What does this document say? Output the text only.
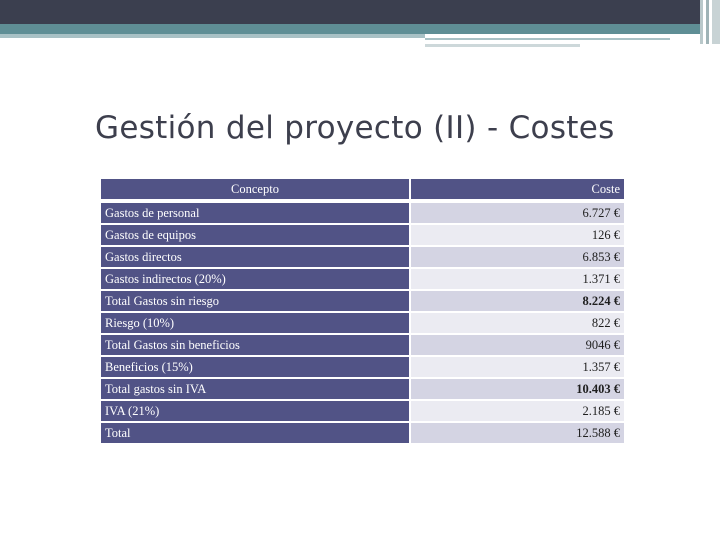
Gestión del proyecto (II) - Costes
Concepto	Coste
Gastos de personal	6.727 €
Gastos de equipos	126 €
Gastos directos	6.853 €
Gastos indirectos (20%)	1.371 €
Total Gastos sin riesgo	8.224 €
Riesgo (10%)	822 €
Total Gastos sin beneficios	9046 €
Beneficios (15%)	1.357 €
Total gastos sin IVA	10.403 €
IVA (21%)	2.185 €
Total	12.588 €
